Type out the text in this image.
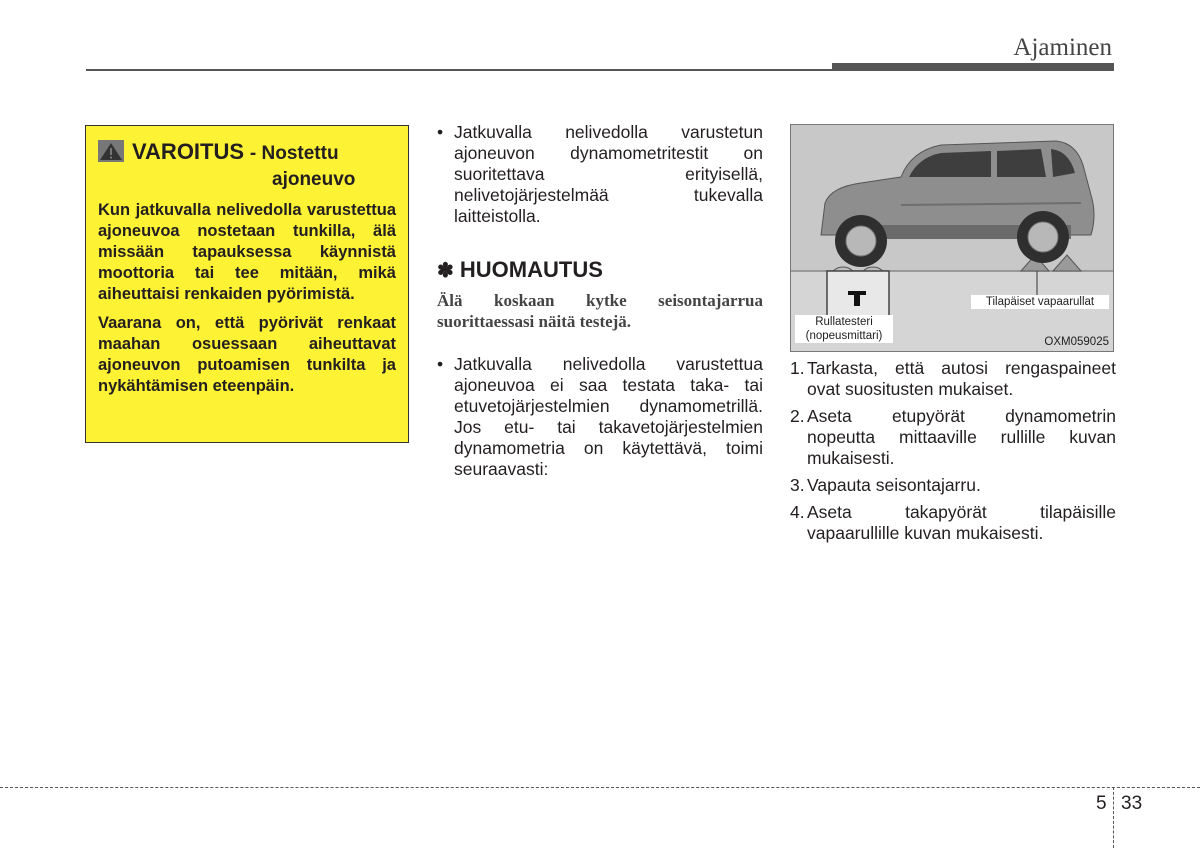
Ajaminen
VAROITUS - Nostettu
ajoneuvo

Kun jatkuvalla nelivedolla varustettua ajoneuvoa nostetaan tunkilla, älä missään tapauksessa käynnistä moottoria tai tee mitään, mikä aiheuttaisi renkaiden pyörimistä.

Vaarana on, että pyörivät renkaat maahan osuessaan aiheuttavat ajoneuvon putoamisen tunkilta ja nykähtämisen eteenpäin.

• Jatkuvalla nelivedolla varustetun ajoneuvon dynamometritestit on suoritettava erityisellä, nelivetojärjestelmää tukevalla laitteistolla.
✽ HUOMAUTUS
Älä koskaan kytke seisontajarrua suorittaessasi näitä testejä.
• Jatkuvalla nelivedolla varustettua ajoneuvoa ei saa testata taka- tai etuvetojärjestelmien dynamometrillä. Jos etu- tai takavetojärjestelmien dynamometria on käytettävä, toimi seuraavasti:
Rullatesteri
(nopeusmittari)
Tilapäiset vapaarullat
OXM059025
1. Tarkasta, että autosi rengaspaineet ovat suositusten mukaiset.
2. Aseta etupyörät dynamometrin nopeutta mittaaville rullille kuvan mukaisesti.
3. Vapauta seisontajarru.
4. Aseta takapyörät tilapäisille vapaarullille kuvan mukaisesti.
5 33
